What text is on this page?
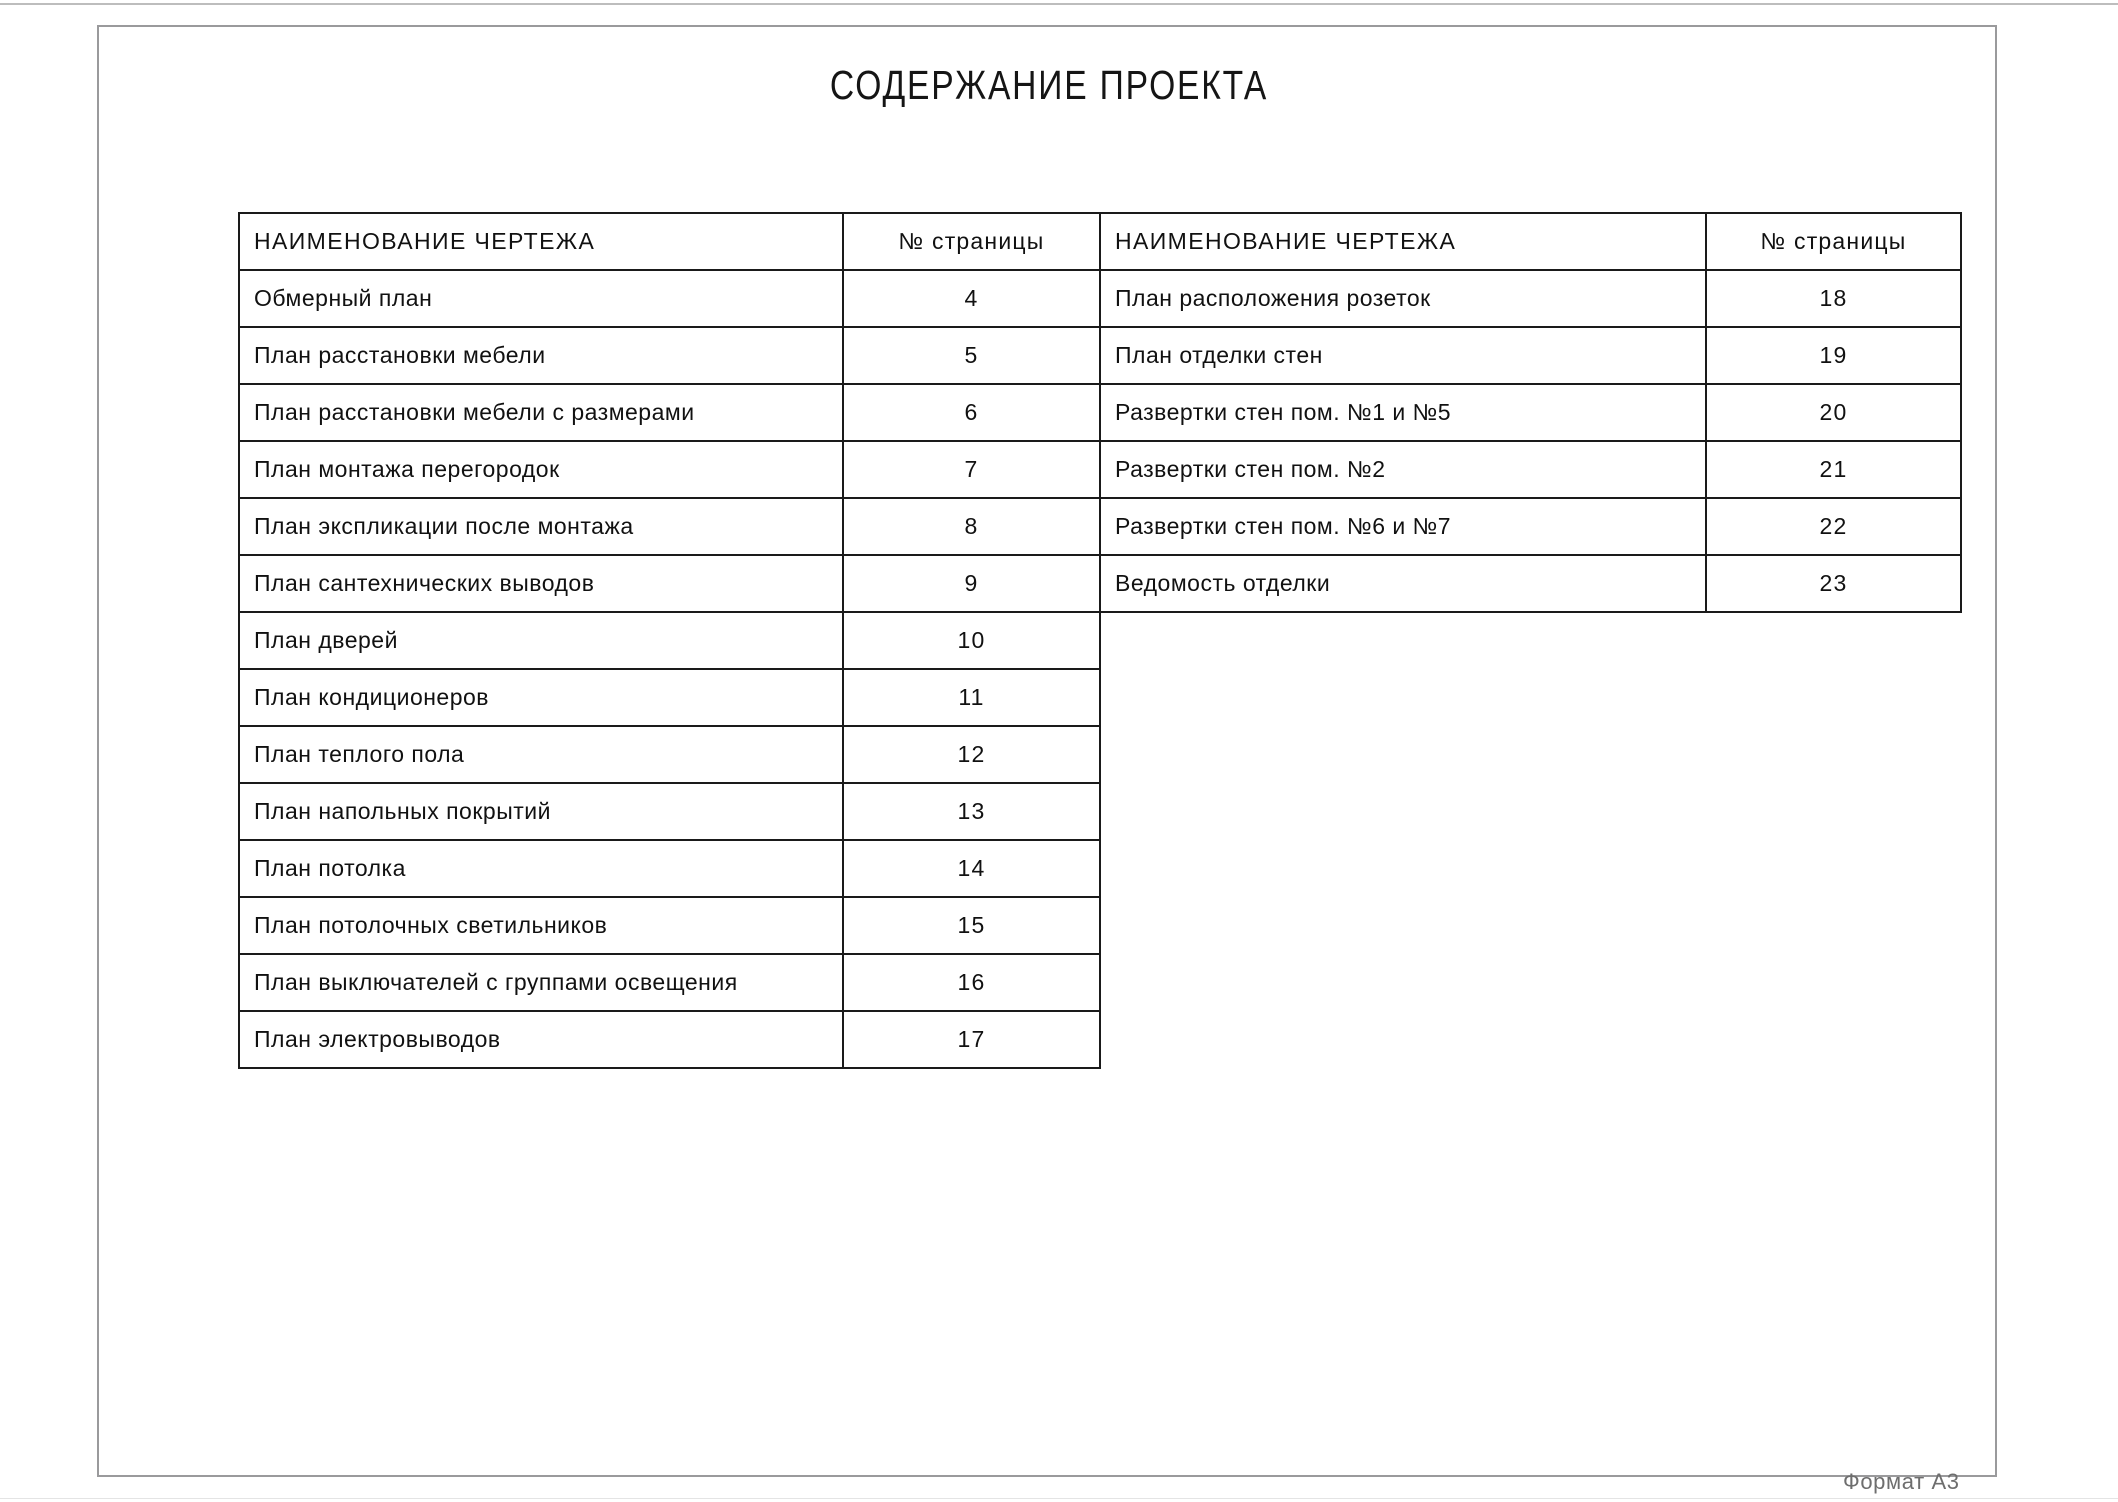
СОДЕРЖАНИЕ ПРОЕКТА
НАИМЕНОВАНИЕ ЧЕРТЕЖА	№ страницы
Обмерный план	4
План расстановки мебели	5
План расстановки мебели с размерами	6
План монтажа перегородок	7
План экспликации после монтажа	8
План сантехнических выводов	9
План дверей	10
План кондиционеров	11
План теплого пола	12
План напольных покрытий	13
План потолка	14
План потолочных светильников	15
План выключателей с группами освещения	16
План электровыводов	17
НАИМЕНОВАНИЕ ЧЕРТЕЖА	№ страницы
План расположения розеток	18
План отделки стен	19
Развертки стен пом. №1 и №5	20
Развертки стен пом. №2	21
Развертки стен пом. №6 и №7	22
Ведомость отделки	23
Формат А3
